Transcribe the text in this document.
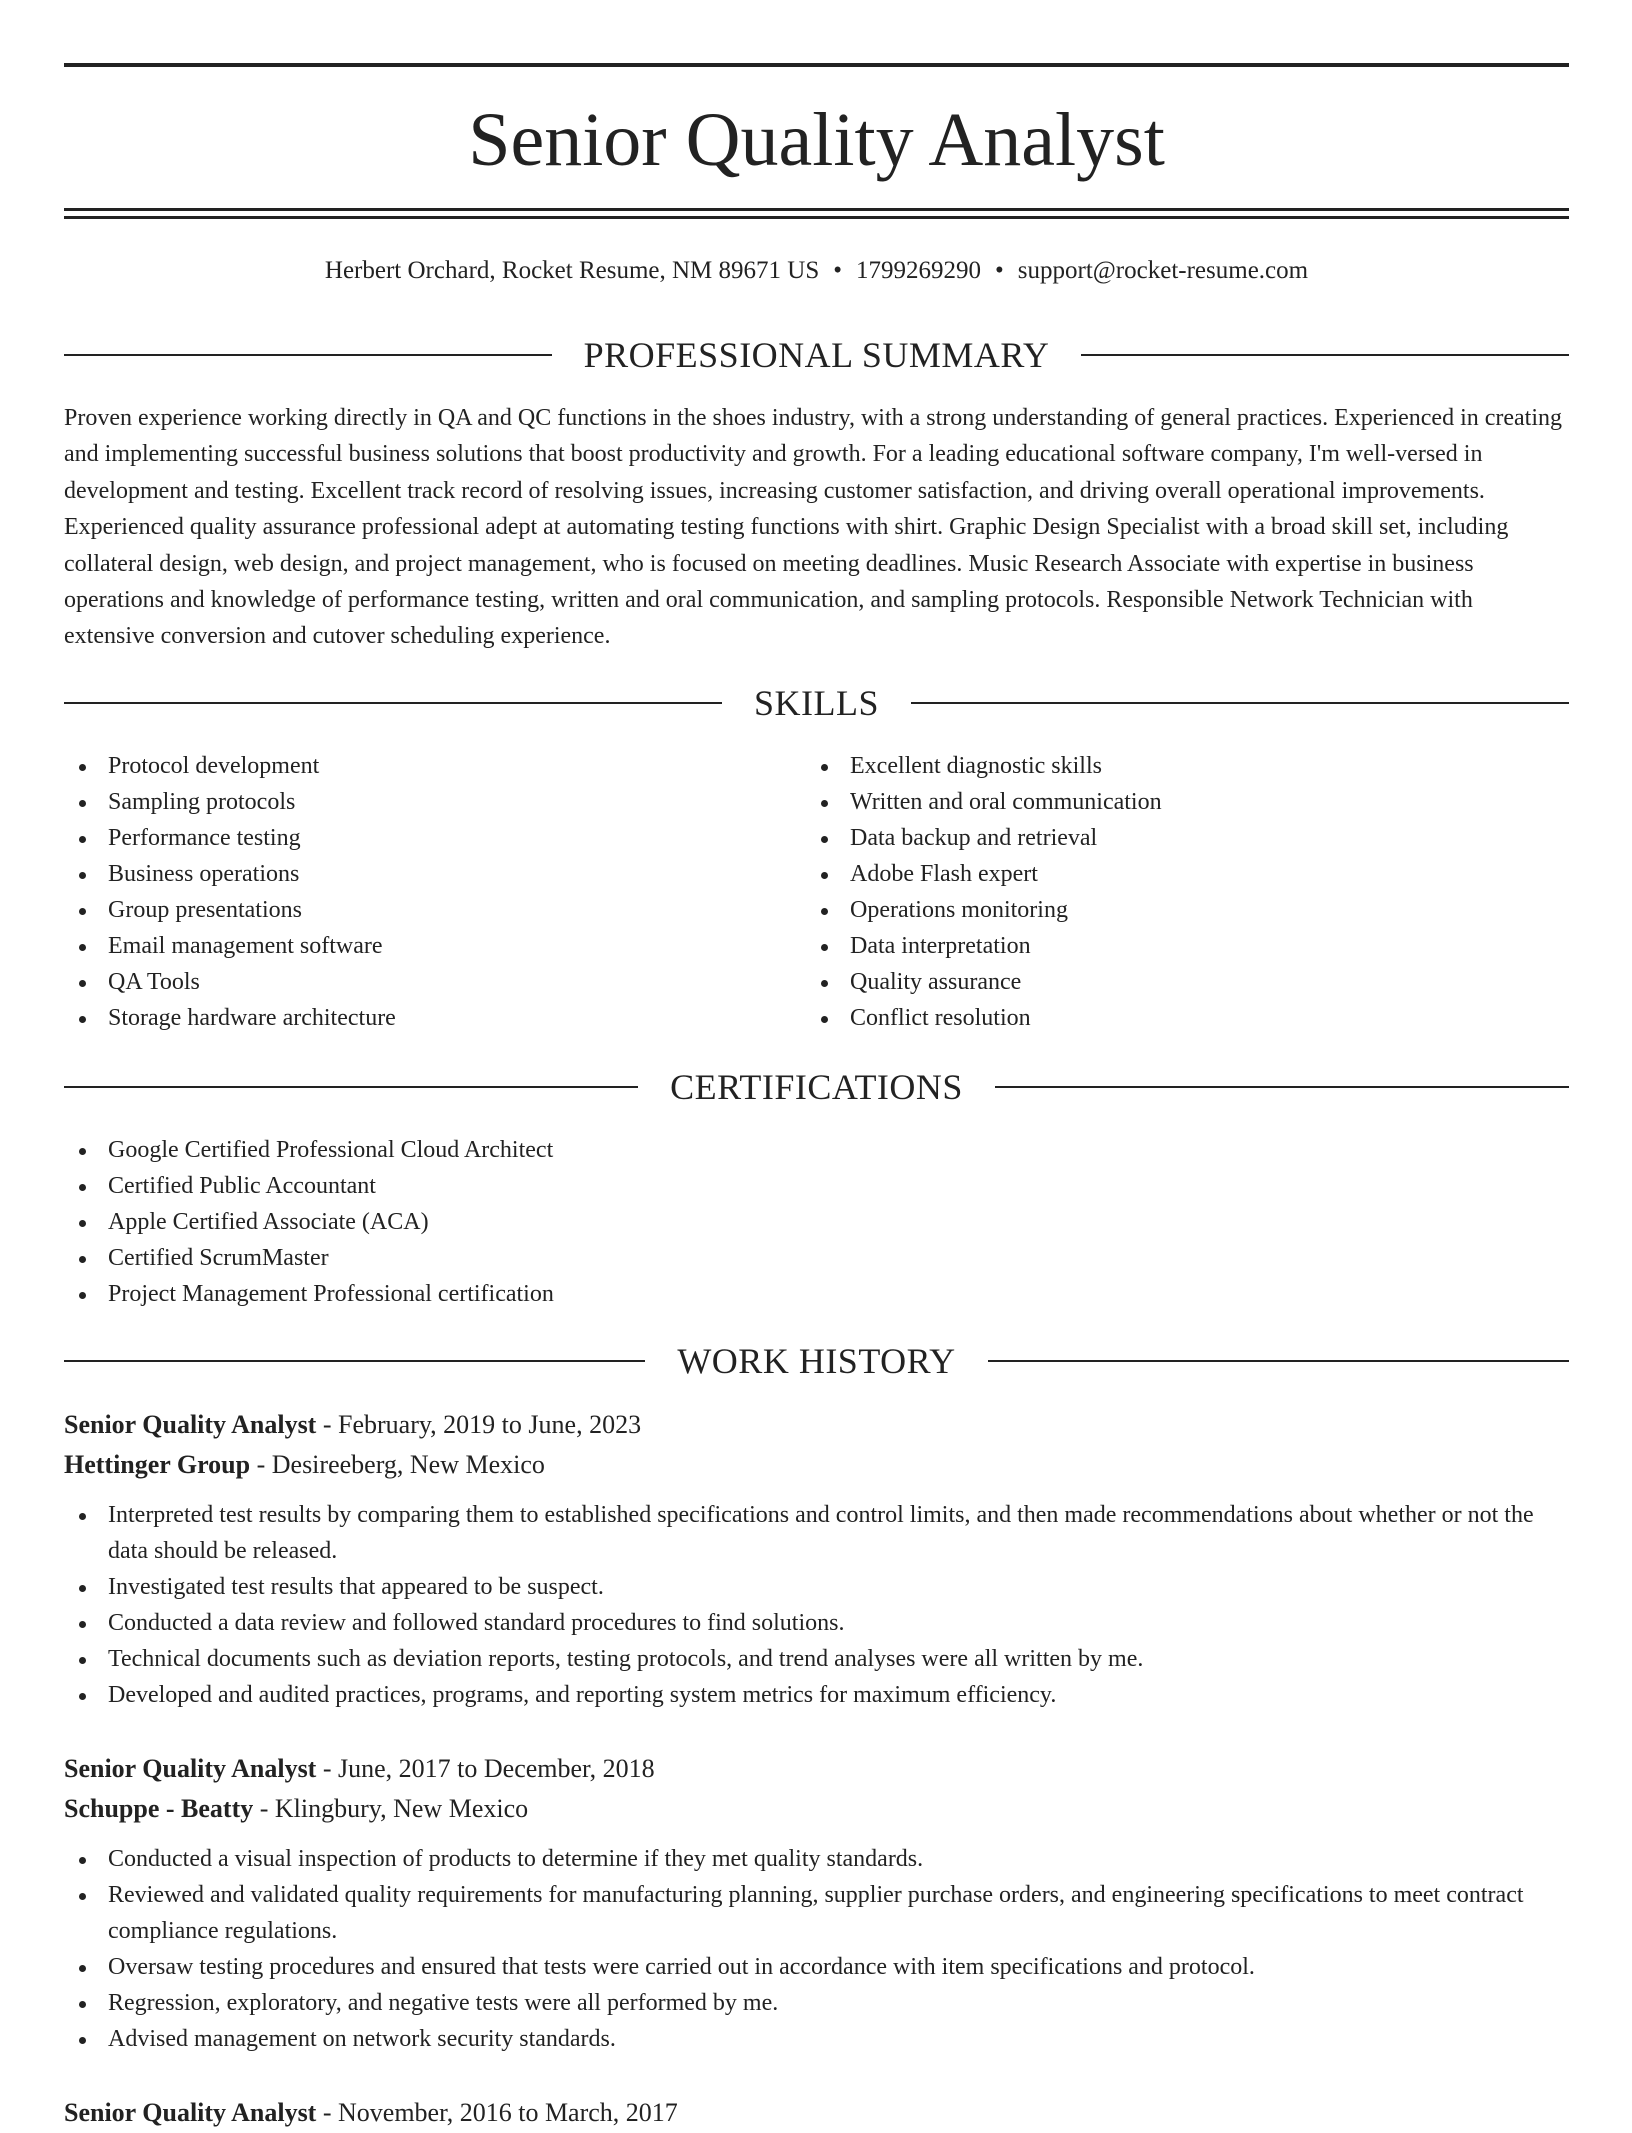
Senior Quality Analyst
Herbert Orchard, Rocket Resume, NM 89671 US • 1799269290 • support@rocket-resume.com
PROFESSIONAL SUMMARY

Proven experience working directly in QA and QC functions in the shoes industry, with a strong understanding of general practices. Experienced in creating and implementing successful business solutions that boost productivity and growth. For a leading educational software company, I'm well-versed in development and testing. Excellent track record of resolving issues, increasing customer satisfaction, and driving overall operational improvements. Experienced quality assurance professional adept at automating testing functions with shirt. Graphic Design Specialist with a broad skill set, including collateral design, web design, and project management, who is focused on meeting deadlines. Music Research Associate with expertise in business operations and knowledge of performance testing, written and oral communication, and sampling protocols. Responsible Network Technician with extensive conversion and cutover scheduling experience.

SKILLS
Protocol development
Sampling protocols
Performance testing
Business operations
Group presentations
Email management software
QA Tools
Storage hardware architecture
Excellent diagnostic skills
Written and oral communication
Data backup and retrieval
Adobe Flash expert
Operations monitoring
Data interpretation
Quality assurance
Conflict resolution
CERTIFICATIONS
Google Certified Professional Cloud Architect
Certified Public Accountant
Apple Certified Associate (ACA)
Certified ScrumMaster
Project Management Professional certification
WORK HISTORY
Senior Quality Analyst - February, 2019 to June, 2023
Hettinger Group - Desireeberg, New Mexico
Interpreted test results by comparing them to established specifications and control limits, and then made recommendations about whether or not the data should be released.
Investigated test results that appeared to be suspect.
Conducted a data review and followed standard procedures to find solutions.
Technical documents such as deviation reports, testing protocols, and trend analyses were all written by me.
Developed and audited practices, programs, and reporting system metrics for maximum efficiency.
Senior Quality Analyst - June, 2017 to December, 2018
Schuppe - Beatty - Klingbury, New Mexico
Conducted a visual inspection of products to determine if they met quality standards.
Reviewed and validated quality requirements for manufacturing planning, supplier purchase orders, and engineering specifications to meet contract compliance regulations.
Oversaw testing procedures and ensured that tests were carried out in accordance with item specifications and protocol.
Regression, exploratory, and negative tests were all performed by me.
Advised management on network security standards.
Senior Quality Analyst - November, 2016 to March, 2017
